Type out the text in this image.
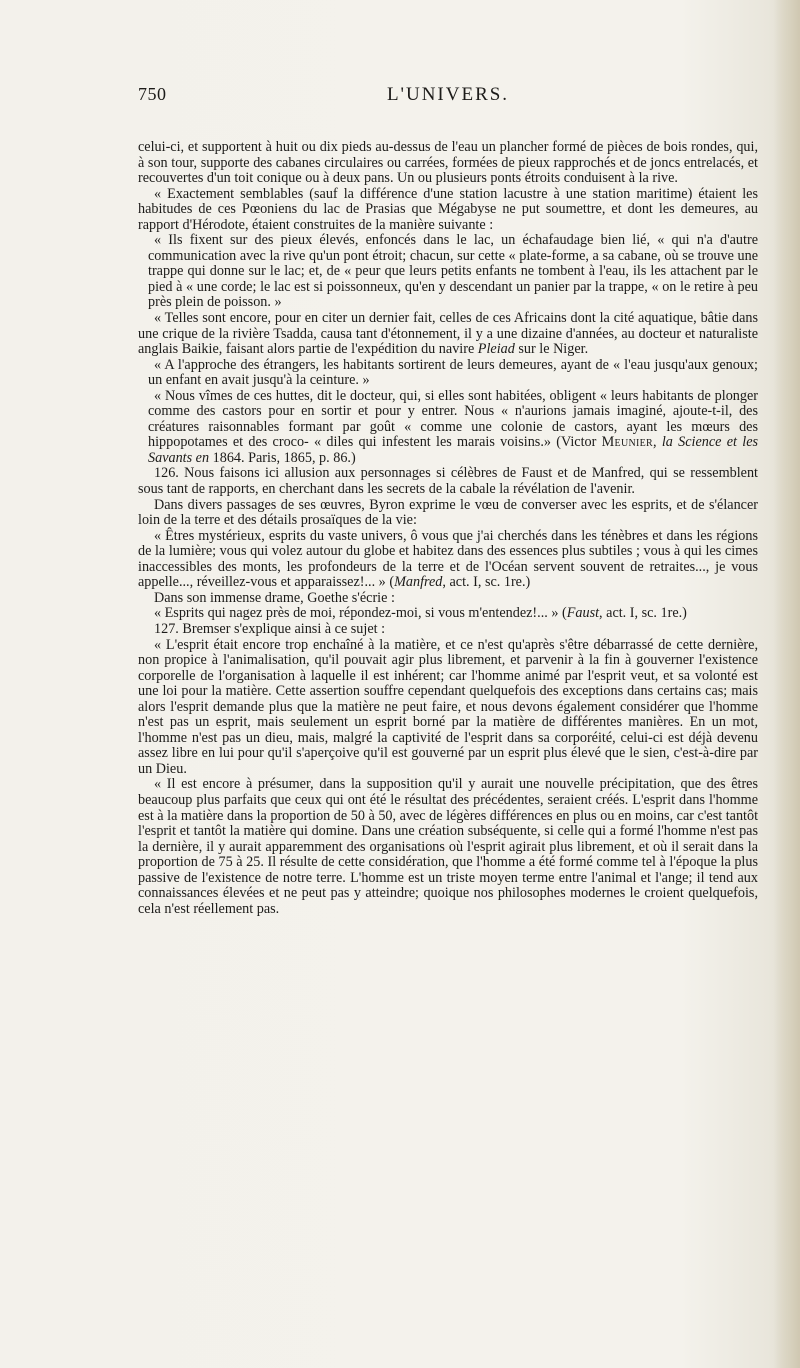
750	L'UNIVERS.

celui-ci, et supportent à huit ou dix pieds au-dessus de l'eau un plancher formé de pièces de bois rondes, qui, à son tour, supporte des cabanes circulaires ou carrées, formées de pieux rapprochés et de joncs entrelacés, et recouvertes d'un toit conique ou à deux pans. Un ou plusieurs ponts étroits conduisent à la rive.

« Exactement semblables (sauf la différence d'une station lacustre à une station maritime) étaient les habitudes de ces Pœoniens du lac de Prasias que Mégabyse ne put soumettre, et dont les demeures, au rapport d'Hérodote, étaient construites de la manière suivante :

« Ils fixent sur des pieux élevés, enfoncés dans le lac, un échafaudage bien lié, « qui n'a d'autre communication avec la rive qu'un pont étroit; chacun, sur cette « plate-forme, a sa cabane, où se trouve une trappe qui donne sur le lac; et, de « peur que leurs petits enfants ne tombent à l'eau, ils les attachent par le pied à « une corde; le lac est si poissonneux, qu'en y descendant un panier par la trappe, « on le retire à peu près plein de poisson. »

« Telles sont encore, pour en citer un dernier fait, celles de ces Africains dont la cité aquatique, bâtie dans une crique de la rivière Tsadda, causa tant d'étonnement, il y a une dizaine d'années, au docteur et naturaliste anglais Baikie, faisant alors partie de l'expédition du navire Pleiad sur le Niger.

« A l'approche des étrangers, les habitants sortirent de leurs demeures, ayant de « l'eau jusqu'aux genoux; un enfant en avait jusqu'à la ceinture. »

« Nous vîmes de ces huttes, dit le docteur, qui, si elles sont habitées, obligent « leurs habitants de plonger comme des castors pour en sortir et pour y entrer. Nous « n'aurions jamais imaginé, ajoute-t-il, des créatures raisonnables formant par goût « comme une colonie de castors, ayant les mœurs des hippopotames et des croco- « diles qui infestent les marais voisins.» (Victor Meunier, la Science et les Savants en 1864. Paris, 1865, p. 86.)

126. Nous faisons ici allusion aux personnages si célèbres de Faust et de Manfred, qui se ressemblent sous tant de rapports, en cherchant dans les secrets de la cabale la révélation de l'avenir.

Dans divers passages de ses œuvres, Byron exprime le vœu de converser avec les esprits, et de s'élancer loin de la terre et des détails prosaïques de la vie:

« Êtres mystérieux, esprits du vaste univers, ô vous que j'ai cherchés dans les ténèbres et dans les régions de la lumière; vous qui volez autour du globe et habitez dans des essences plus subtiles ; vous à qui les cimes inaccessibles des monts, les profondeurs de la terre et de l'Océan servent souvent de retraites..., je vous appelle..., réveillez-vous et apparaissez!... » (Manfred, act. I, sc. 1re.)

Dans son immense drame, Goethe s'écrie :

« Esprits qui nagez près de moi, répondez-moi, si vous m'entendez!... » (Faust, act. I, sc. 1re.)

127. Bremser s'explique ainsi à ce sujet :

« L'esprit était encore trop enchaîné à la matière, et ce n'est qu'après s'être débarrassé de cette dernière, non propice à l'animalisation, qu'il pouvait agir plus librement, et parvenir à la fin à gouverner l'existence corporelle de l'organisation à laquelle il est inhérent; car l'homme animé par l'esprit veut, et sa volonté est une loi pour la matière. Cette assertion souffre cependant quelquefois des exceptions dans certains cas; mais alors l'esprit demande plus que la matière ne peut faire, et nous devons également considérer que l'homme n'est pas un esprit, mais seulement un esprit borné par la matière de différentes manières. En un mot, l'homme n'est pas un dieu, mais, malgré la captivité de l'esprit dans sa corporéité, celui-ci est déjà devenu assez libre en lui pour qu'il s'aperçoive qu'il est gouverné par un esprit plus élevé que le sien, c'est-à-dire par un Dieu.

« Il est encore à présumer, dans la supposition qu'il y aurait une nouvelle précipitation, que des êtres beaucoup plus parfaits que ceux qui ont été le résultat des précédentes, seraient créés. L'esprit dans l'homme est à la matière dans la proportion de 50 à 50, avec de légères différences en plus ou en moins, car c'est tantôt l'esprit et tantôt la matière qui domine. Dans une création subséquente, si celle qui a formé l'homme n'est pas la dernière, il y aurait apparemment des organisations où l'esprit agirait plus librement, et où il serait dans la proportion de 75 à 25. Il résulte de cette considération, que l'homme a été formé comme tel à l'époque la plus passive de l'existence de notre terre. L'homme est un triste moyen terme entre l'animal et l'ange; il tend aux connaissances élevées et ne peut pas y atteindre; quoique nos philosophes modernes le croient quelquefois, cela n'est réellement pas.
